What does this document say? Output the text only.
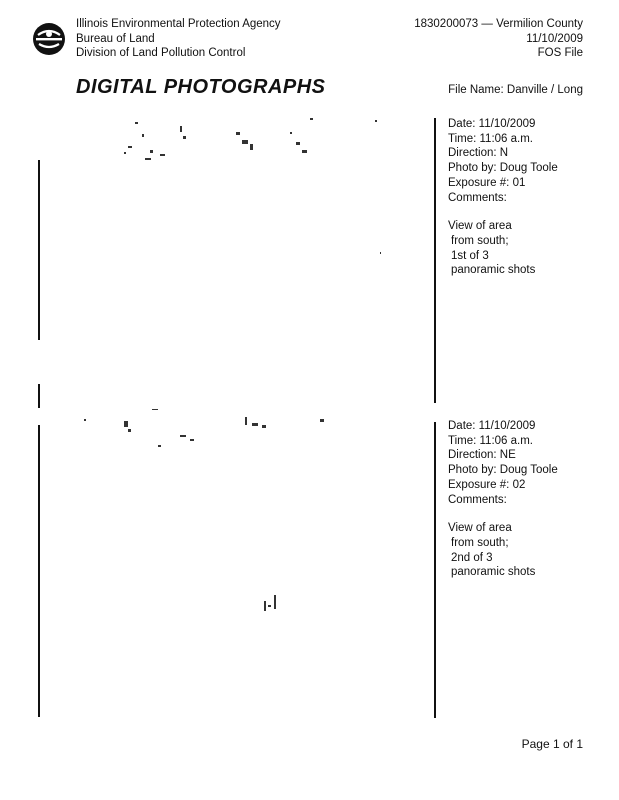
Illinois Environmental Protection Agency
Bureau of Land
Division of Land Pollution Control
1830200073 — Vermilion County
11/10/2009
FOS File
DIGITAL PHOTOGRAPHS	File Name: Danville / Long
Date: 11/10/2009
Time: 11:06 a.m.
Direction: N
Photo by: Doug Toole
Exposure #: 01
Comments:
View of area
from south;
1st of 3
panoramic shots
Date: 11/10/2009
Time: 11:06 a.m.
Direction: NE
Photo by: Doug Toole
Exposure #: 02
Comments:
View of area
from south;
2nd of 3
panoramic shots
Page 1 of 1
